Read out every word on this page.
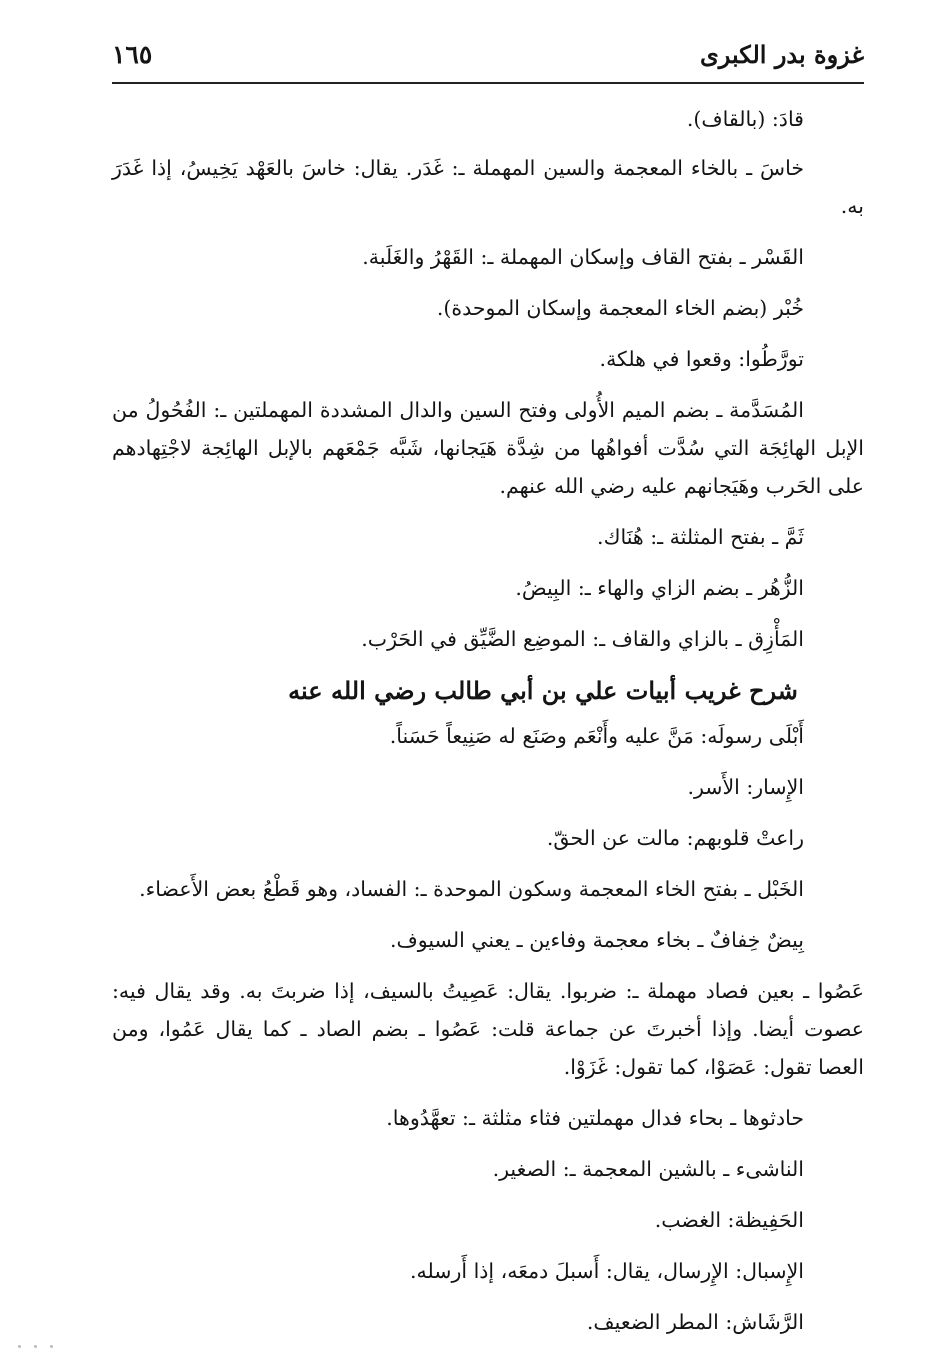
غزوة بدر الكبرى
١٦٥

قادَ: (بالقاف).

خاسَ ـ بالخاء المعجمة والسين المهملة ـ: غَدَر. يقال: خاسَ بالعَهْد يَخِيسُ، إذا غَدَرَ به.

القَسْر ـ بفتح القاف وإسكان المهملة ـ: القَهْرُ والغَلَبة.

خُبْر (بضم الخاء المعجمة وإسكان الموحدة).

تورَّطُوا: وقعوا في هلكة.

المُسَدَّمة ـ بضم الميم الأُولى وفتح السين والدال المشددة المهملتين ـ: الفُحُولُ من الإبل الهائِجَة التي سُدَّت أفواهُها من شِدَّة هَيَجانها، شَبَّه جَمْعَهم بالإبل الهائِجة لاجْتِهادهم على الحَرب وهَيَجانهم عليه رضي الله عنهم.

ثَمَّ ـ بفتح المثلثة ـ: هُنَاك.

الزُّهُر ـ بضم الزاي والهاء ـ: البِيضُ.

المَأْزِق ـ بالزاي والقاف ـ: الموضِع الضَّيِّق في الحَرْب.

شرح غريب أبيات علي بن أبي طالب رضي الله عنه

أَبْلَى رسولَه: مَنَّ عليه وأَنْعَم وصَنَع له صَنِيعاً حَسَناً.

الإِسار: الأَسر.

راعتْ قلوبهم: مالت عن الحقّ.

الخَبْل ـ بفتح الخاء المعجمة وسكون الموحدة ـ: الفساد، وهو قَطْعُ بعض الأَعضاء.

بِيضٌ خِفافٌ ـ بخاء معجمة وفاءين ـ يعني السيوف.

عَصُوا ـ بعين فصاد مهملة ـ: ضربوا. يقال: عَصِيتُ بالسيف، إذا ضربتَ به. وقد يقال فيه: عصوت أيضا. وإذا أخبرتَ عن جماعة قلت: عَصُوا ـ بضم الصاد ـ كما يقال عَمُوا، ومن العصا تقول: عَصَوْا، كما تقول: غَزَوْا.

حادثوها ـ بحاء فدال مهملتين فثاء مثلثة ـ: تعهَّدُوها.

الناشىء ـ بالشين المعجمة ـ: الصغير.

الحَفِيظة: الغضب.

الإِسبال: الإِرسال، يقال: أَسبلَ دمعَه، إذا أَرسله.

الرَّشَاش: المطر الضعيف.
